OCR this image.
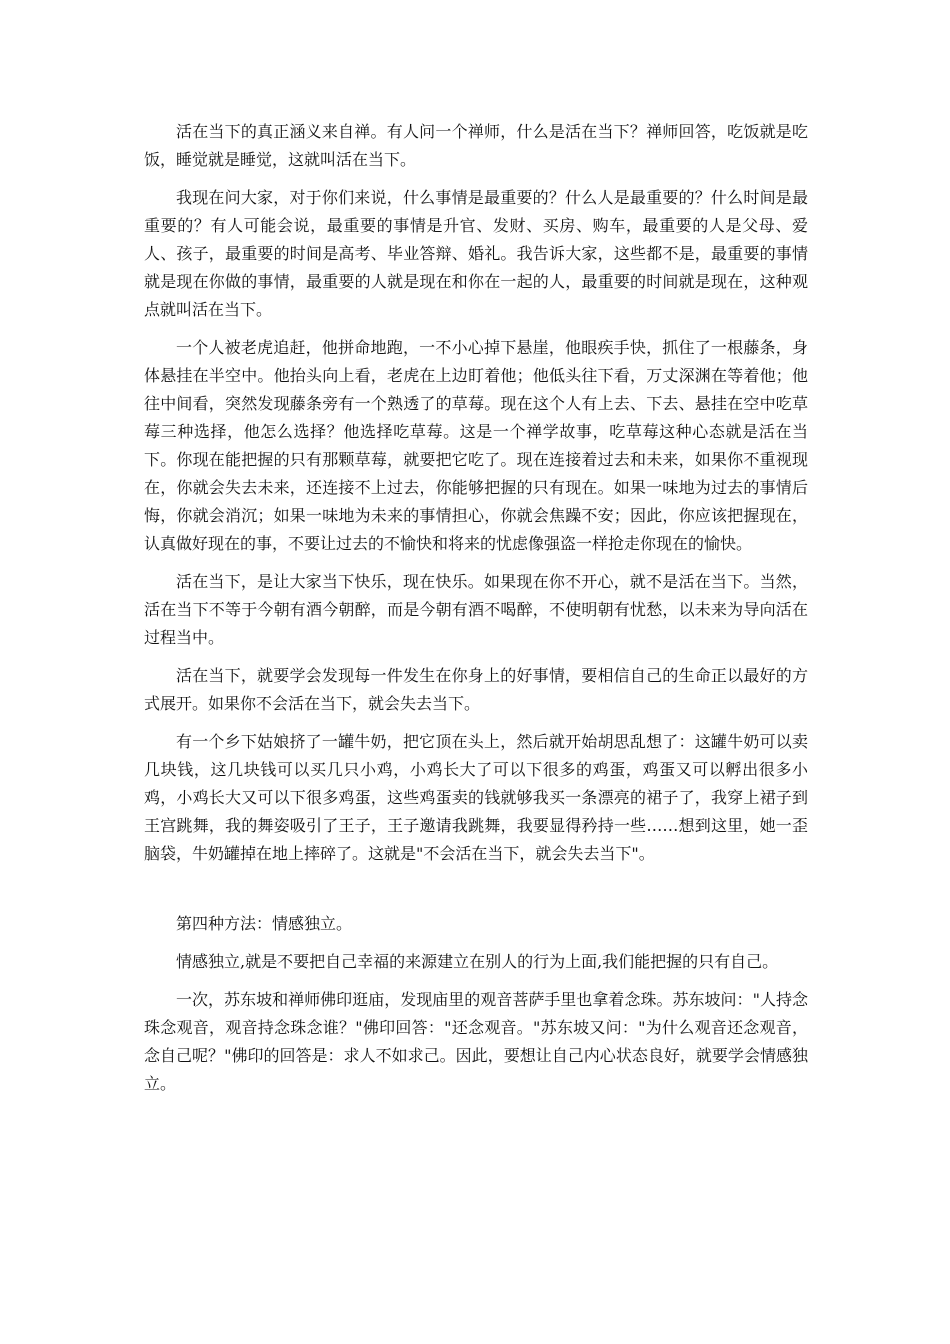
活在当下的真正涵义来自禅。有人问一个禅师，什么是活在当下？禅师回答，吃饭就是吃饭，睡觉就是睡觉，这就叫活在当下。

我现在问大家，对于你们来说，什么事情是最重要的？什么人是最重要的？什么时间是最重要的？有人可能会说，最重要的事情是升官、发财、买房、购车，最重要的人是父母、爱人、孩子，最重要的时间是高考、毕业答辩、婚礼。我告诉大家，这些都不是，最重要的事情就是现在你做的事情，最重要的人就是现在和你在一起的人，最重要的时间就是现在，这种观点就叫活在当下。

一个人被老虎追赶，他拼命地跑，一不小心掉下悬崖，他眼疾手快，抓住了一根藤条，身体悬挂在半空中。他抬头向上看，老虎在上边盯着他；他低头往下看，万丈深渊在等着他；他往中间看，突然发现藤条旁有一个熟透了的草莓。现在这个人有上去、下去、悬挂在空中吃草莓三种选择，他怎么选择？他选择吃草莓。这是一个禅学故事，吃草莓这种心态就是活在当下。你现在能把握的只有那颗草莓，就要把它吃了。现在连接着过去和未来，如果你不重视现在，你就会失去未来，还连接不上过去，你能够把握的只有现在。如果一味地为过去的事情后悔，你就会消沉；如果一味地为未来的事情担心，你就会焦躁不安；因此，你应该把握现在，认真做好现在的事，不要让过去的不愉快和将来的忧虑像强盗一样抢走你现在的愉快。

活在当下，是让大家当下快乐，现在快乐。如果现在你不开心，就不是活在当下。当然，活在当下不等于今朝有酒今朝醉，而是今朝有酒不喝醉，不使明朝有忧愁，以未来为导向活在过程当中。

活在当下，就要学会发现每一件发生在你身上的好事情，要相信自己的生命正以最好的方式展开。如果你不会活在当下，就会失去当下。

有一个乡下姑娘挤了一罐牛奶，把它顶在头上，然后就开始胡思乱想了：这罐牛奶可以卖几块钱，这几块钱可以买几只小鸡，小鸡长大了可以下很多的鸡蛋，鸡蛋又可以孵出很多小鸡，小鸡长大又可以下很多鸡蛋，这些鸡蛋卖的钱就够我买一条漂亮的裙子了，我穿上裙子到王宫跳舞，我的舞姿吸引了王子，王子邀请我跳舞，我要显得矜持一些……想到这里，她一歪脑袋，牛奶罐掉在地上摔碎了。这就是"不会活在当下，就会失去当下"。

第四种方法：情感独立。

情感独立,就是不要把自己幸福的来源建立在别人的行为上面,我们能把握的只有自己。

一次，苏东坡和禅师佛印逛庙，发现庙里的观音菩萨手里也拿着念珠。苏东坡问："人持念珠念观音，观音持念珠念谁？"佛印回答："还念观音。"苏东坡又问："为什么观音还念观音，念自己呢？"佛印的回答是：求人不如求己。因此，要想让自己内心状态良好，就要学会情感独立。
